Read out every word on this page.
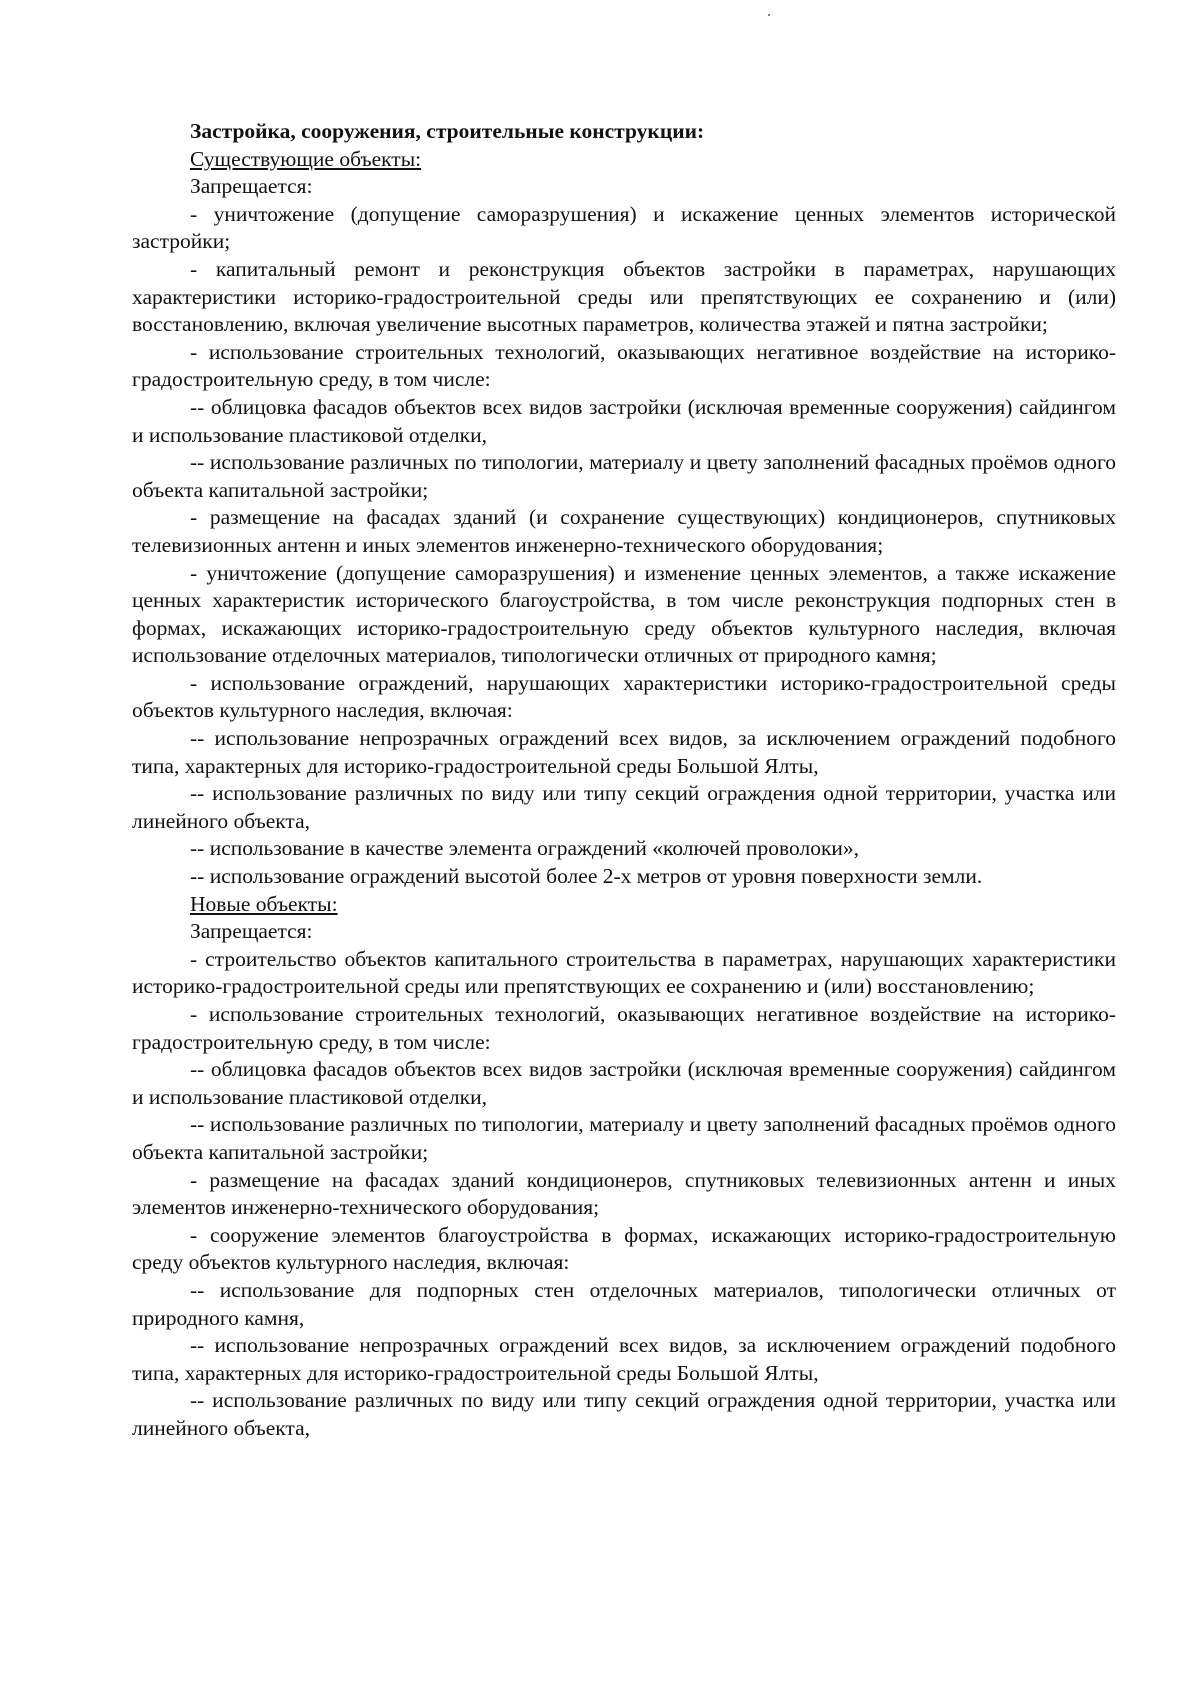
Застройка, сооружения, строительные конструкции:

Существующие объекты:

Запрещается:

- уничтожение (допущение саморазрушения) и искажение ценных элементов исторической застройки;

- капитальный ремонт и реконструкция объектов застройки в параметрах, нарушающих характеристики историко-градостроительной среды или препятствующих ее сохранению и (или) восстановлению, включая увеличение высотных параметров, количества этажей и пятна застройки;

- использование строительных технологий, оказывающих негативное воздействие на историко-градостроительную среду, в том числе:

-- облицовка фасадов объектов всех видов застройки (исключая временные сооружения) сайдингом и использование пластиковой отделки,

-- использование различных по типологии, материалу и цвету заполнений фасадных проёмов одного объекта капитальной застройки;

- размещение на фасадах зданий (и сохранение существующих) кондиционеров, спутниковых телевизионных антенн и иных элементов инженерно-технического оборудования;

- уничтожение (допущение саморазрушения) и изменение ценных элементов, а также искажение ценных характеристик исторического благоустройства, в том числе реконструкция подпорных стен в формах, искажающих историко-градостроительную среду объектов культурного наследия, включая использование отделочных материалов, типологически отличных от природного камня;

- использование ограждений, нарушающих характеристики историко-градостроительной среды объектов культурного наследия, включая:

-- использование непрозрачных ограждений всех видов, за исключением ограждений подобного типа, характерных для историко-градостроительной среды Большой Ялты,

-- использование различных по виду или типу секций ограждения одной территории, участка или линейного объекта,

-- использование в качестве элемента ограждений «колючей проволоки»,

-- использование ограждений высотой более 2-х метров от уровня поверхности земли.

Новые объекты:

Запрещается:

- строительство объектов капитального строительства в параметрах, нарушающих характеристики историко-градостроительной среды или препятствующих ее сохранению и (или) восстановлению;

- использование строительных технологий, оказывающих негативное воздействие на историко-градостроительную среду, в том числе:

-- облицовка фасадов объектов всех видов застройки (исключая временные сооружения) сайдингом и использование пластиковой отделки,

-- использование различных по типологии, материалу и цвету заполнений фасадных проёмов одного объекта капитальной застройки;

- размещение на фасадах зданий кондиционеров, спутниковых телевизионных антенн и иных элементов инженерно-технического оборудования;

- сооружение элементов благоустройства в формах, искажающих историко-градостроительную среду объектов культурного наследия, включая:

-- использование для подпорных стен отделочных материалов, типологически отличных от природного камня,

-- использование непрозрачных ограждений всех видов, за исключением ограждений подобного типа, характерных для историко-градостроительной среды Большой Ялты,

-- использование различных по виду или типу секций ограждения одной территории, участка или линейного объекта,
